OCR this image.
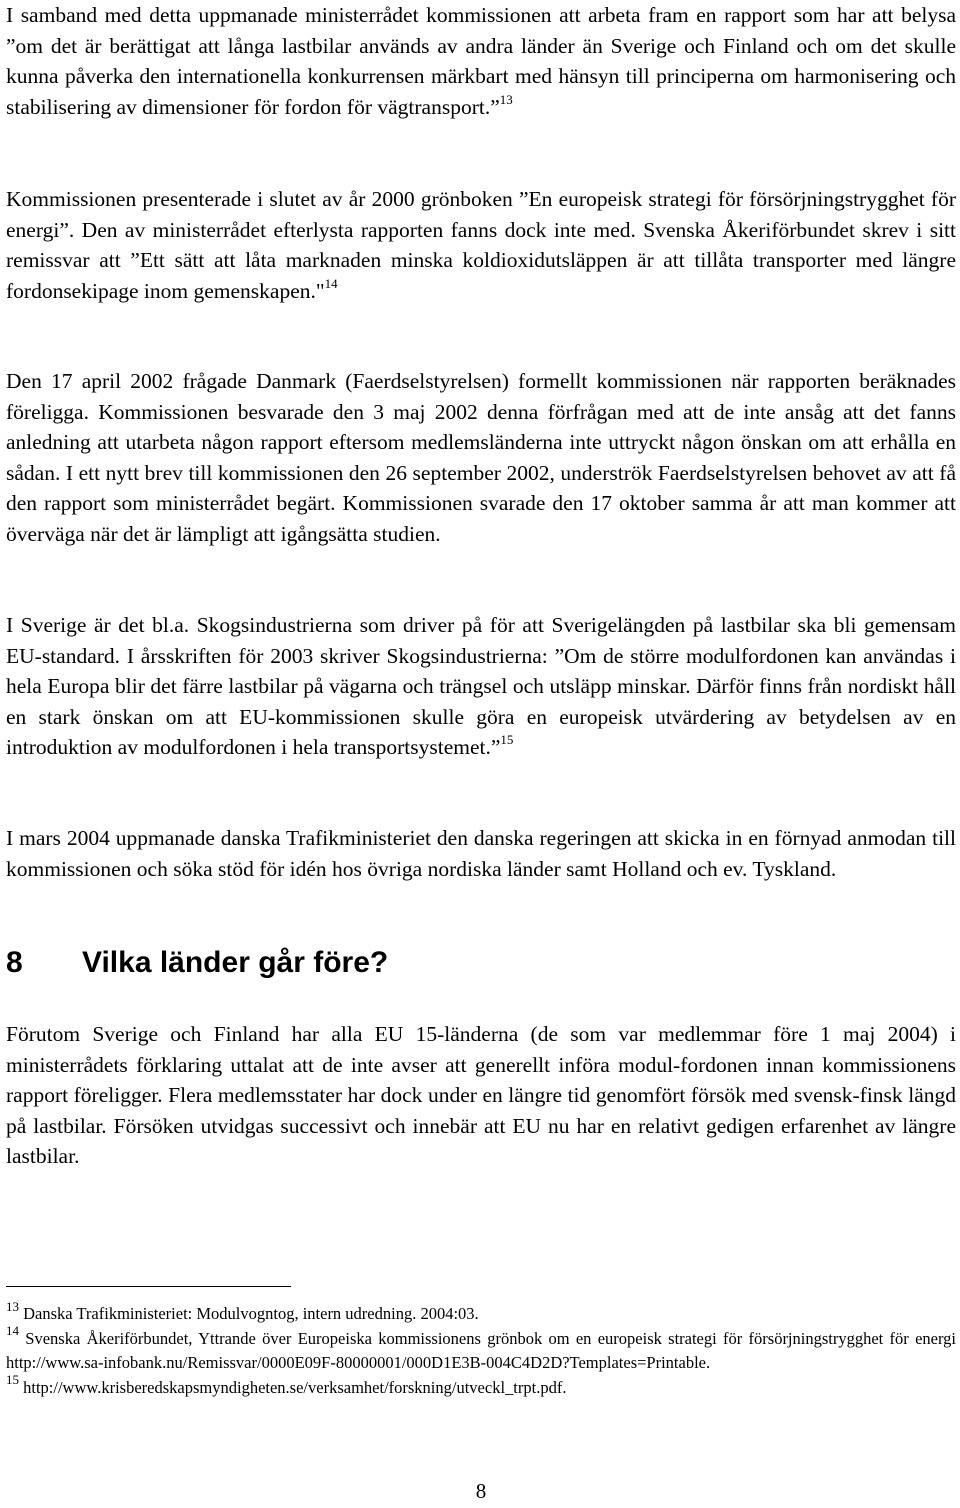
I samband med detta uppmanade ministerrådet kommissionen att arbeta fram en rapport som har att belysa ”om det är berättigat att långa lastbilar används av andra länder än Sverige och Finland och om det skulle kunna påverka den internationella konkurrensen märkbart med hänsyn till principerna om harmonisering och stabilisering av dimensioner för fordon för vägtransport.”$^{13}$

Kommissionen presenterade i slutet av år 2000 grönboken ”En europeisk strategi för försörjningstrygghet för energi”. Den av ministerrådet efterlysta rapporten fanns dock inte med. Svenska Åkeriförbundet skrev i sitt remissvar att ”Ett sätt att låta marknaden minska koldioxidutsläppen är att tillåta transporter med längre fordonsekipage inom gemenskapen."$^{14}$

Den 17 april 2002 frågade Danmark (Faerdselstyrelsen) formellt kommissionen när rapporten beräknades föreligga. Kommissionen besvarade den 3 maj 2002 denna förfrågan med att de inte ansåg att det fanns anledning att utarbeta någon rapport eftersom medlemsländerna inte uttryckt någon önskan om att erhålla en sådan. I ett nytt brev till kommissionen den 26 september 2002, underströk Faerdselstyrelsen behovet av att få den rapport som ministerrådet begärt. Kommissionen svarade den 17 oktober samma år att man kommer att överväga när det är lämpligt att igångsätta studien.

I Sverige är det bl.a. Skogsindustrierna som driver på för att Sverigelängden på lastbilar ska bli gemensam EU-standard. I årsskriften för 2003 skriver Skogsindustrierna: ”Om de större modulfordonen kan användas i hela Europa blir det färre lastbilar på vägarna och trängsel och utsläpp minskar. Därför finns från nordiskt håll en stark önskan om att EU-kommissionen skulle göra en europeisk utvärdering av betydelsen av en introduktion av modulfordonen i hela transportsystemet.”$^{15}$

I mars 2004 uppmanade danska Trafikministeriet den danska regeringen att skicka in en förnyad anmodan till kommissionen och söka stöd för idén hos övriga nordiska länder samt Holland och ev. Tyskland.

8 Vilka länder går före?

Förutom Sverige och Finland har alla EU 15-länderna (de som var medlemmar före 1 maj 2004) i ministerrådets förklaring uttalat att de inte avser att generellt införa modul-fordonen innan kommissionens rapport föreligger. Flera medlemsstater har dock under en längre tid genomfört försök med svensk-finsk längd på lastbilar. Försöken utvidgas successivt och innebär att EU nu har en relativt gedigen erfarenhet av längre lastbilar.

$^{13}$ Danska Trafikministeriet: Modulvogntog, intern udredning. 2004:03.

$^{14}$ Svenska Åkeriförbundet, Yttrande över Europeiska kommissionens grönbok om en europeisk strategi för försörjningstrygghet för energi http://www.sa-infobank.nu/Remissvar/0000E09F-80000001/000D1E3B-004C4D2D?Templates=Printable.

$^{15}$ http://www.krisberedskapsmyndigheten.se/verksamhet/forskning/utveckl_trpt.pdf.

8
